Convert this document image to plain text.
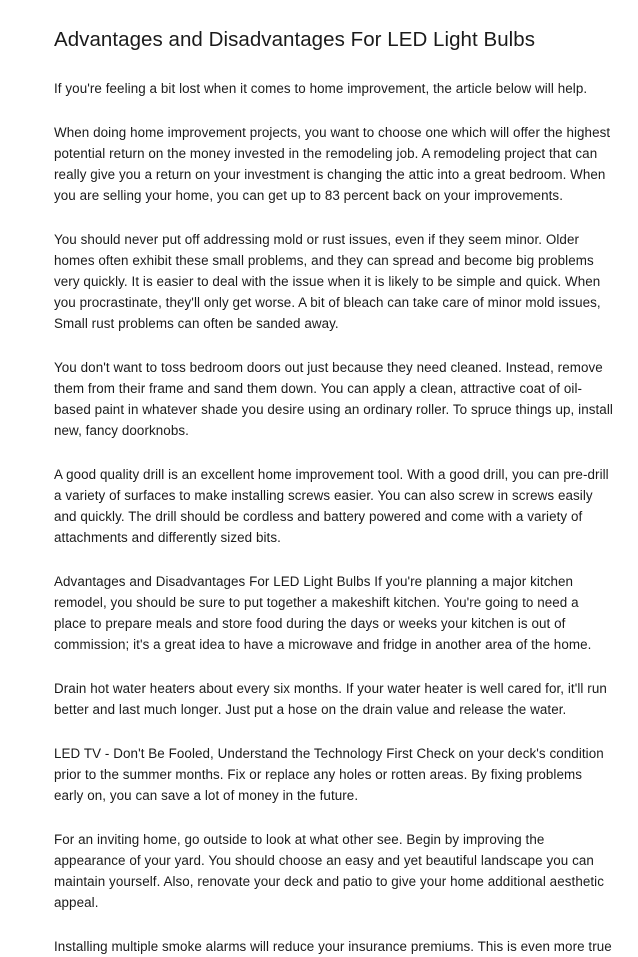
Advantages and Disadvantages For LED Light Bulbs

If you're feeling a bit lost when it comes to home improvement, the article below will help.

When doing home improvement projects, you want to choose one which will offer the highest potential return on the money invested in the remodeling job. A remodeling project that can really give you a return on your investment is changing the attic into a great bedroom. When you are selling your home, you can get up to 83 percent back on your improvements.

You should never put off addressing mold or rust issues, even if they seem minor. Older homes often exhibit these small problems, and they can spread and become big problems very quickly. It is easier to deal with the issue when it is likely to be simple and quick. When you procrastinate, they'll only get worse. A bit of bleach can take care of minor mold issues, Small rust problems can often be sanded away.

You don't want to toss bedroom doors out just because they need cleaned. Instead, remove them from their frame and sand them down. You can apply a clean, attractive coat of oil-based paint in whatever shade you desire using an ordinary roller. To spruce things up, install new, fancy doorknobs.

A good quality drill is an excellent home improvement tool. With a good drill, you can pre-drill a variety of surfaces to make installing screws easier. You can also screw in screws easily and quickly. The drill should be cordless and battery powered and come with a variety of attachments and differently sized bits.

Advantages and Disadvantages For LED Light Bulbs If you're planning a major kitchen remodel, you should be sure to put together a makeshift kitchen. You're going to need a place to prepare meals and store food during the days or weeks your kitchen is out of commission; it's a great idea to have a microwave and fridge in another area of the home.

Drain hot water heaters about every six months. If your water heater is well cared for, it'll run better and last much longer. Just put a hose on the drain value and release the water.

LED TV - Don't Be Fooled, Understand the Technology First Check on your deck's condition prior to the summer months. Fix or replace any holes or rotten areas. By fixing problems early on, you can save a lot of money in the future.

For an inviting home, go outside to look at what other see. Begin by improving the appearance of your yard. You should choose an easy and yet beautiful landscape you can maintain yourself. Also, renovate your deck and patio to give your home additional aesthetic appeal.

Installing multiple smoke alarms will reduce your insurance premiums. This is even more true
